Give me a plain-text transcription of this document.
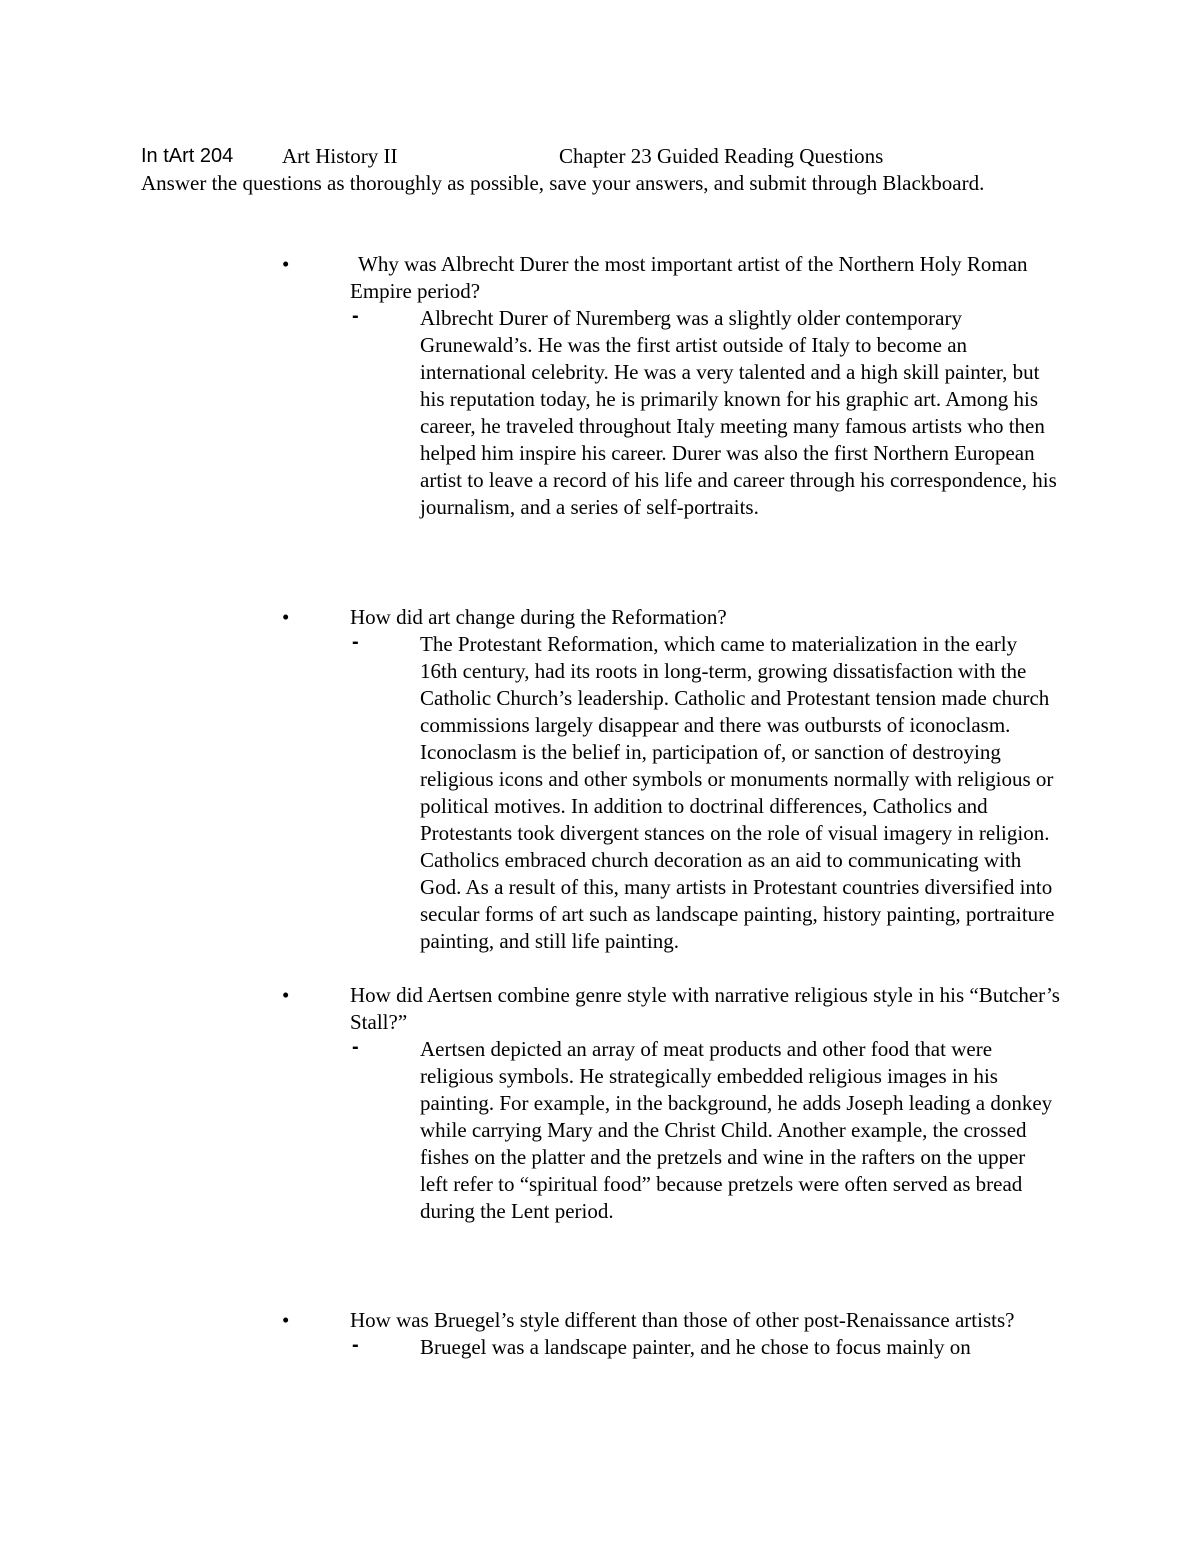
In tArt 204 Art History II	Chapter 23 Guided Reading Questions
Answer the questions as thoroughly as possible, save your answers, and submit through Blackboard.
•	Why was Albrecht Durer the most important artist of the Northern Holy Roman Empire period?
-	Albrecht Durer of Nuremberg was a slightly older contemporary Grunewald’s. He was the first artist outside of Italy to become an international celebrity. He was a very talented and a high skill painter, but his reputation today, he is primarily known for his graphic art. Among his career, he traveled throughout Italy meeting many famous artists who then helped him inspire his career. Durer was also the first Northern European artist to leave a record of his life and career through his correspondence, his journalism, and a series of self-portraits.
•	How did art change during the Reformation?
-	The Protestant Reformation, which came to materialization in the early 16th century, had its roots in long-term, growing dissatisfaction with the Catholic Church’s leadership. Catholic and Protestant tension made church commissions largely disappear and there was outbursts of iconoclasm. Iconoclasm is the belief in, participation of, or sanction of destroying religious icons and other symbols or monuments normally with religious or political motives. In addition to doctrinal differences, Catholics and Protestants took divergent stances on the role of visual imagery in religion. Catholics embraced church decoration as an aid to communicating with God. As a result of this, many artists in Protestant countries diversified into secular forms of art such as landscape painting, history painting, portraiture painting, and still life painting.
•	How did Aertsen combine genre style with narrative religious style in his “Butcher’s Stall?”
-	Aertsen depicted an array of meat products and other food that were religious symbols. He strategically embedded religious images in his painting. For example, in the background, he adds Joseph leading a donkey while carrying Mary and the Christ Child. Another example, the crossed fishes on the platter and the pretzels and wine in the rafters on the upper left refer to “spiritual food” because pretzels were often served as bread during the Lent period.
•	How was Bruegel’s style different than those of other post-Renaissance artists?
-	Bruegel was a landscape painter, and he chose to focus mainly on
